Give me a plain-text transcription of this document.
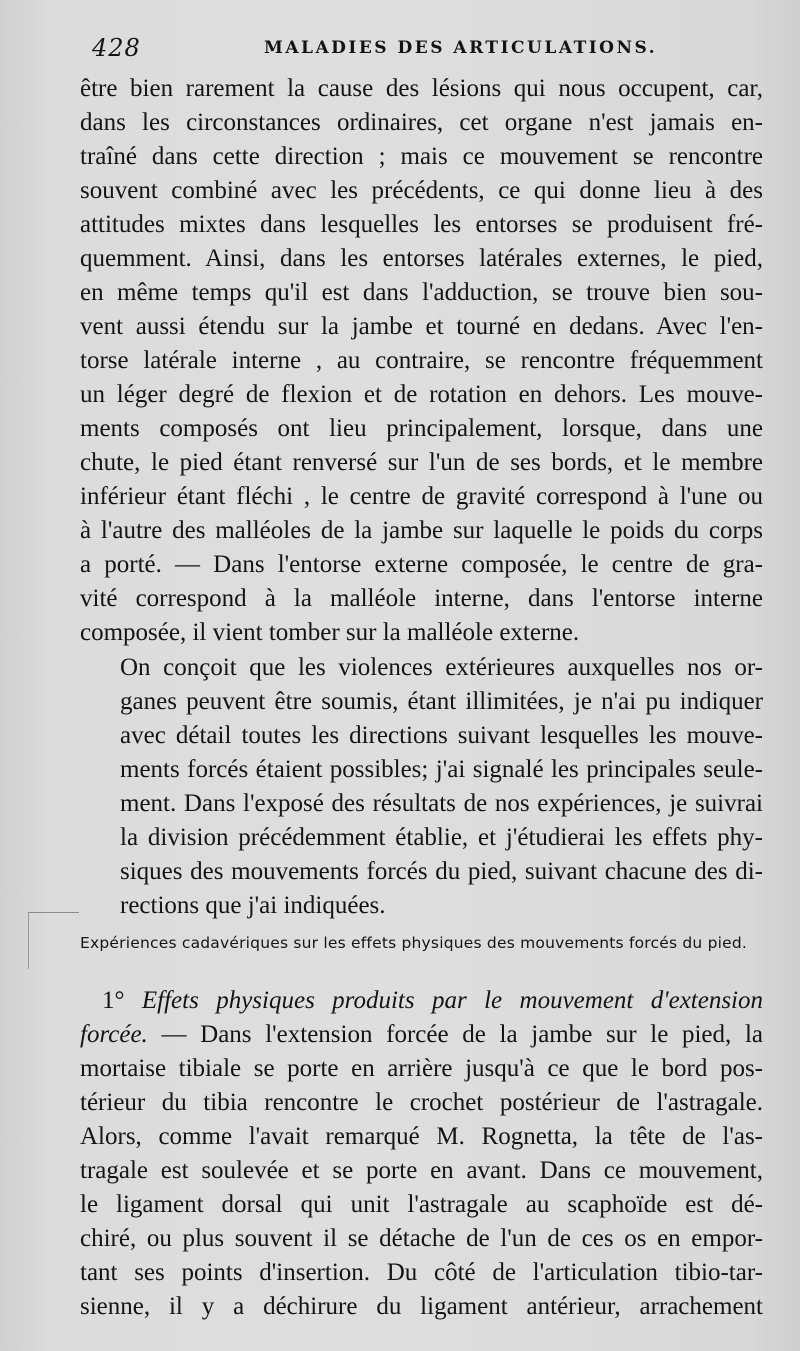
428	MALADIES DES ARTICULATIONS.
être bien rarement la cause des lésions qui nous occupent, car,
dans les circonstances ordinaires, cet organe n'est jamais en-
traîné dans cette direction ; mais ce mouvement se rencontre
souvent combiné avec les précédents, ce qui donne lieu à des
attitudes mixtes dans lesquelles les entorses se produisent fré-
quemment. Ainsi, dans les entorses latérales externes, le pied,
en même temps qu'il est dans l'adduction, se trouve bien sou-
vent aussi étendu sur la jambe et tourné en dedans. Avec l'en-
torse latérale interne , au contraire, se rencontre fréquemment
un léger degré de flexion et de rotation en dehors. Les mouve-
ments composés ont lieu principalement, lorsque, dans une
chute, le pied étant renversé sur l'un de ses bords, et le membre
inférieur étant fléchi , le centre de gravité correspond à l'une ou
à l'autre des malléoles de la jambe sur laquelle le poids du corps
a porté. — Dans l'entorse externe composée, le centre de gra-
vité correspond à la malléole interne, dans l'entorse interne
composée, il vient tomber sur la malléole externe.
On conçoit que les violences extérieures auxquelles nos or-
ganes peuvent être soumis, étant illimitées, je n'ai pu indiquer
avec détail toutes les directions suivant lesquelles les mouve-
ments forcés étaient possibles; j'ai signalé les principales seule-
ment. Dans l'exposé des résultats de nos expériences, je suivrai
la division précédemment établie, et j'étudierai les effets phy-
siques des mouvements forcés du pied, suivant chacune des di-
rections que j'ai indiquées.
Expériences cadavériques sur les effets physiques des mouvements forcés du pied.
1° Effets physiques produits par le mouvement d'extension
forcée. — Dans l'extension forcée de la jambe sur le pied, la
mortaise tibiale se porte en arrière jusqu'à ce que le bord pos-
térieur du tibia rencontre le crochet postérieur de l'astragale.
Alors, comme l'avait remarqué M. Rognetta, la tête de l'as-
tragale est soulevée et se porte en avant. Dans ce mouvement,
le ligament dorsal qui unit l'astragale au scaphoïde est dé-
chiré, ou plus souvent il se détache de l'un de ces os en empor-
tant ses points d'insertion. Du côté de l'articulation tibio-tar-
sienne, il y a déchirure du ligament antérieur, arrachement
